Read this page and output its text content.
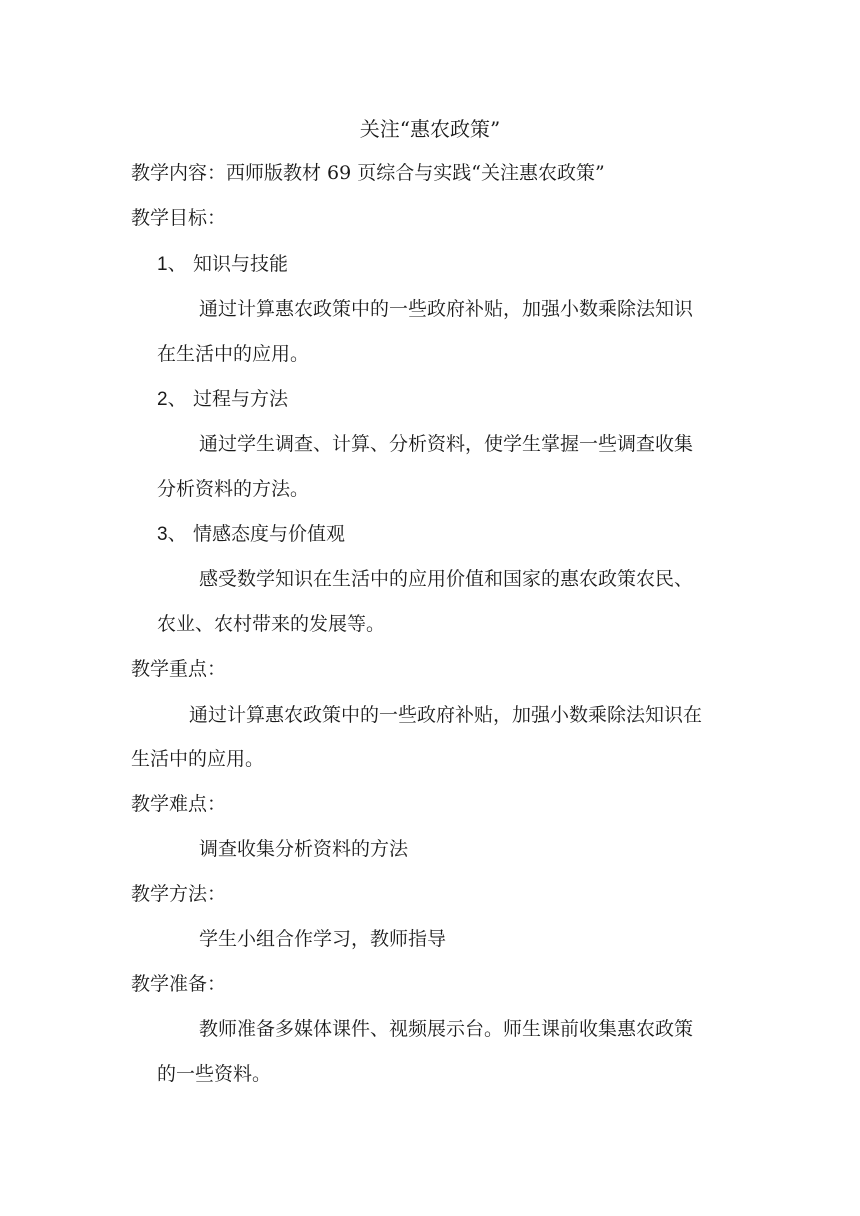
关注“惠农政策”
教学内容：西师版教材 69 页综合与实践“关注惠农政策”
教学目标：
1、 知识与技能
通过计算惠农政策中的一些政府补贴，加强小数乘除法知识
在生活中的应用。
2、 过程与方法
通过学生调查、计算、分析资料，使学生掌握一些调查收集
分析资料的方法。
3、 情感态度与价值观
感受数学知识在生活中的应用价值和国家的惠农政策农民、
农业、农村带来的发展等。
教学重点：
通过计算惠农政策中的一些政府补贴，加强小数乘除法知识在
生活中的应用。
教学难点：
调查收集分析资料的方法
教学方法：
学生小组合作学习，教师指导
教学准备：
教师准备多媒体课件、视频展示台。师生课前收集惠农政策
的一些资料。
